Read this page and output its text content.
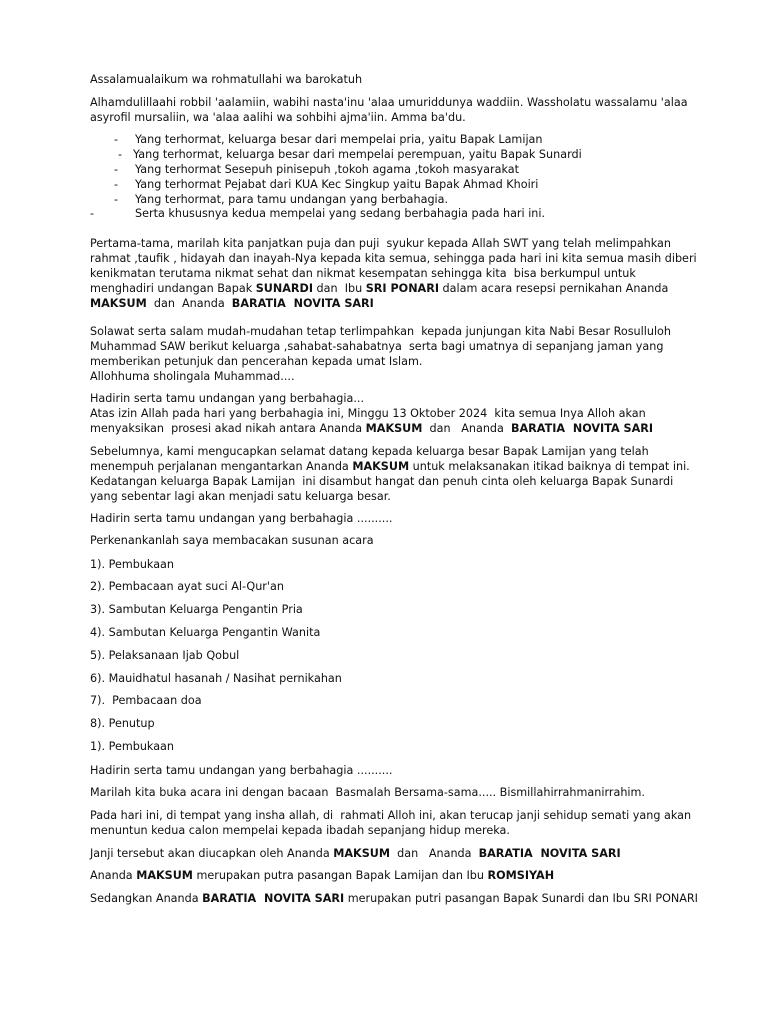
Assalamualaikum wa rohmatullahi wa barokatuh

Alhamdulillaahi robbil 'aalamiin, wabihi nasta'inu 'alaa umuriddunya waddiin. Wassholatu wassalamu 'alaa asyrofil mursaliin, wa 'alaa aalihi wa sohbihi ajma'iin. Amma ba'du.

- Yang terhormat, keluarga besar dari mempelai pria, yaitu Bapak Lamijan
- Yang terhormat, keluarga besar dari mempelai perempuan, yaitu Bapak Sunardi
- Yang terhormat Sesepuh pinisepuh ,tokoh agama ,tokoh masyarakat
- Yang terhormat Pejabat dari KUA Kec Singkup yaitu Bapak Ahmad Khoiri
- Yang terhormat, para tamu undangan yang berbahagia.
-	Serta khususnya kedua mempelai yang sedang berbahagia pada hari ini.

Pertama-tama, marilah kita panjatkan puja dan puji  syukur kepada Allah SWT yang telah melimpahkan rahmat ,taufik , hidayah dan inayah-Nya kepada kita semua, sehingga pada hari ini kita semua masih diberi kenikmatan terutama nikmat sehat dan nikmat kesempatan sehingga kita  bisa berkumpul untuk menghadiri undangan Bapak SUNARDI dan  Ibu SRI PONARI dalam acara resepsi pernikahan Ananda MAKSUM  dan  Ananda  BARATIA  NOVITA SARI

Solawat serta salam mudah-mudahan tetap terlimpahkan  kepada junjungan kita Nabi Besar Rosulluloh Muhammad SAW berikut keluarga ,sahabat-sahabatnya  serta bagi umatnya di sepanjang jaman yang memberikan petunjuk dan pencerahan kepada umat Islam.

Allohhuma sholingala Muhammad....

Hadirin serta tamu undangan yang berbahagia...

Atas izin Allah pada hari yang berbahagia ini, Minggu 13 Oktober 2024  kita semua Inya Alloh akan menyaksikan  prosesi akad nikah antara Ananda MAKSUM  dan   Ananda  BARATIA  NOVITA SARI

Sebelumnya, kami mengucapkan selamat datang kepada keluarga besar Bapak Lamijan yang telah menempuh perjalanan mengantarkan Ananda MAKSUM untuk melaksanakan itikad baiknya di tempat ini. Kedatangan keluarga Bapak Lamijan  ini disambut hangat dan penuh cinta oleh keluarga Bapak Sunardi yang sebentar lagi akan menjadi satu keluarga besar.

Hadirin serta tamu undangan yang berbahagia ..........

Perkenankanlah saya membacakan susunan acara

1). Pembukaan

2). Pembacaan ayat suci Al-Qur'an

3). Sambutan Keluarga Pengantin Pria

4). Sambutan Keluarga Pengantin Wanita

5). Pelaksanaan Ijab Qobul

6). Mauidhatul hasanah / Nasihat pernikahan

7).  Pembacaan doa

8). Penutup

1). Pembukaan

Hadirin serta tamu undangan yang berbahagia ..........

Marilah kita buka acara ini dengan bacaan  Basmalah Bersama-sama..... Bismillahirrahmanirrahim.

Pada hari ini, di tempat yang insha allah, di  rahmati Alloh ini, akan terucap janji sehidup semati yang akan menuntun kedua calon mempelai kepada ibadah sepanjang hidup mereka.

Janji tersebut akan diucapkan oleh Ananda MAKSUM  dan   Ananda  BARATIA  NOVITA SARI

Ananda MAKSUM merupakan putra pasangan Bapak Lamijan dan Ibu ROMSIYAH

Sedangkan Ananda BARATIA  NOVITA SARI merupakan putri pasangan Bapak Sunardi dan Ibu SRI PONARI
